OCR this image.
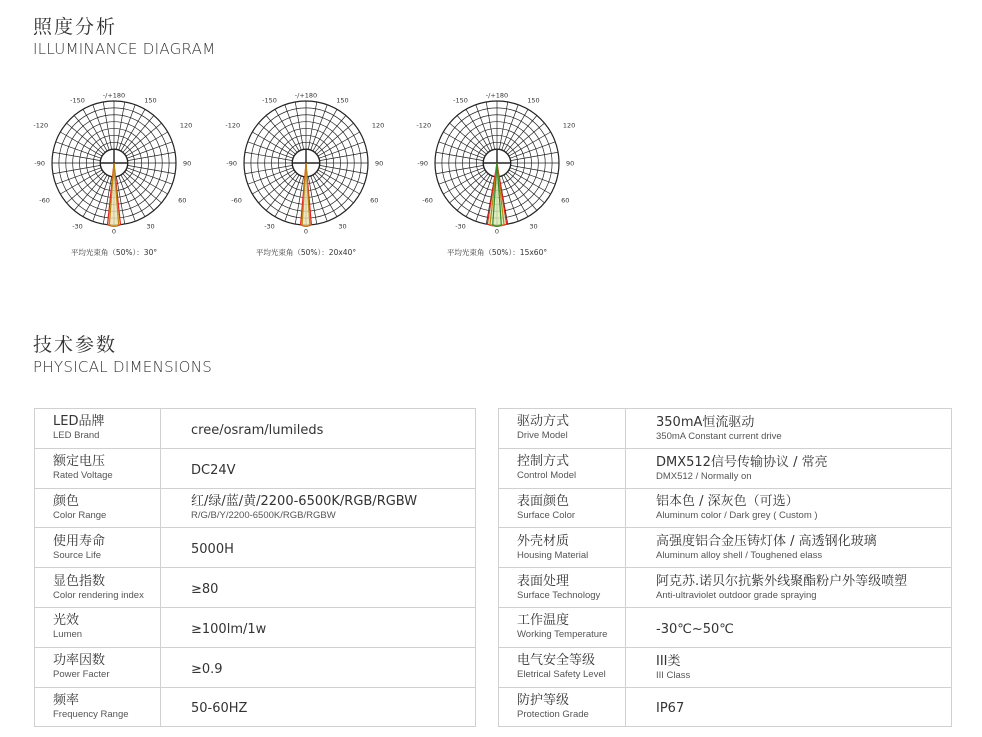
照度分析
ILLUMINANCE DIAGRAM
-/+180
-150	150
-120	120
-90	90
-60	60
-30	30
0
平均光束角（50%）：30°
-/+180
-150	150
-120	120
-90	90
-60	60
-30	30
0
平均光束角（50%）：20x40°
-/+180
-150	150
-120	120
-90	90
-60	60
-30	30
0
平均光束角（50%）：15x60°
技术参数
PHYSICAL DIMENSIONS
LED品牌
LED Brand	cree/osram/lumileds

额定电压
Rated Voltage	DC24V

颜色
Color Range	红/绿/蓝/黄/2200-6500K/RGB/RGBW
R/G/B/Y/2200-6500K/RGB/RGBW

使用寿命
Source Life	5000H

显色指数
Color rendering index	≥80

光效
Lumen	≥100lm/1w

功率因数
Power Facter	≥0.9

频率
Frequency Range	50-60HZ
驱动方式
Drive Model	350mA恒流驱动
350mA Constant current drive

控制方式
Control Model	DMX512信号传输协议 / 常亮
DMX512 / Normally on

表面颜色
Surface Color	铝本色 / 深灰色（可选）
Aluminum color / Dark grey ( Custom )

外壳材质
Housing Material	高强度铝合金压铸灯体 / 高透钢化玻璃
Aluminum alloy shell / Toughened elass

表面处理
Surface Technology	阿克苏.诺贝尔抗紫外线聚酯粉户外等级喷塑
Anti-ultraviolet outdoor grade spraying

工作温度
Working Temperature	-30℃~50℃

电气安全等级
Eletrical Safety Level	III类
III Class

防护等级
Protection Grade	IP67
